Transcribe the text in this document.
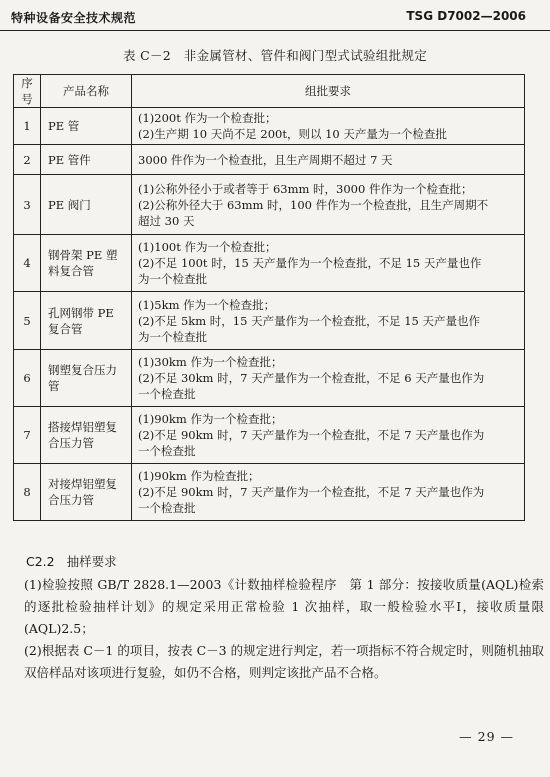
特种设备安全技术规范	TSG D7002—2006
表 C－2　非金属管材、管件和阀门型式试验组批规定
序号	产品名称	组批要求
1	PE 管	(1)200t 作为一个检查批；
(2)生产期 10 天尚不足 200t，则以 10 天产量为一个检查批

2	PE 管件	3000 件作为一个检查批，且生产周期不超过 7 天

3	PE 阀门	(1)公称外径小于或者等于 63mm 时，3000 件作为一个检查批；
(2)公称外径大于 63mm 时，100 件作为一个检查批，且生产周期不
超过 30 天

4	钢骨架 PE 塑料复合管	(1)100t 作为一个检查批；
(2)不足 100t 时，15 天产量作为一个检查批，不足 15 天产量也作
为一个检查批

5	孔网钢带 PE 复合管	(1)5km 作为一个检查批；
(2)不足 5km 时，15 天产量作为一个检查批，不足 15 天产量也作
为一个检查批

6	钢塑复合压力管	(1)30km 作为一个检查批；
(2)不足 30km 时，7 天产量作为一个检查批，不足 6 天产量也作为
一个检查批

7	搭接焊铝塑复合压力管	(1)90km 作为一个检查批；
(2)不足 90km 时，7 天产量作为一个检查批，不足 7 天产量也作为
一个检查批

8	对接焊铝塑复合压力管	(1)90km 作为检查批；
(2)不足 90km 时，7 天产量作为一个检查批，不足 7 天产量也作为
一个检查批
C2.2 抽样要求
(1)检验按照 GB/T 2828.1—2003《计数抽样检验程序　第 1 部分：按接收质量(AQL)检索的逐批检验抽样计划》的规定采用正常检验 1 次抽样，取一般检验水平Ⅰ，接收质量限(AQL)2.5；
(2)根据表 C－1 的项目，按表 C－3 的规定进行判定，若一项指标不符合规定时，则随机抽取双倍样品对该项进行复验，如仍不合格，则判定该批产品不合格。
— 29 —
